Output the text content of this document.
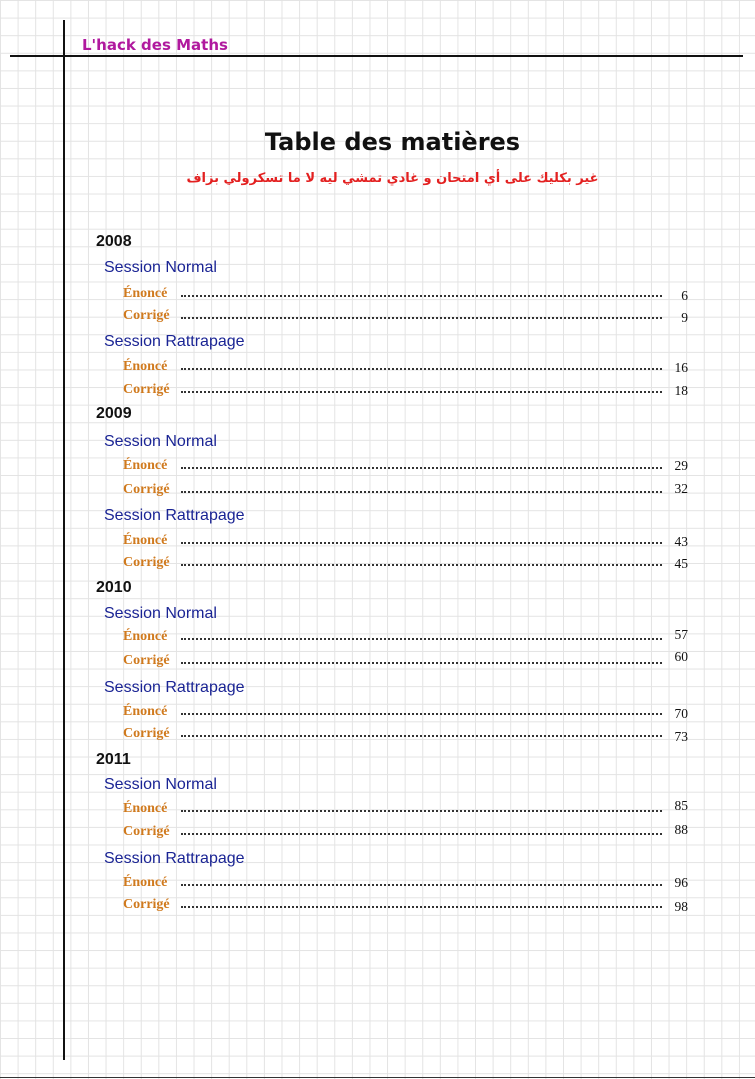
L'hack des Maths
Table des matières
غير بكليك على أي امتحان و غادي تمشي ليه لا ما تسكرولي بزاف
2008
Session Normal
Énoncé	6
Corrigé	9
Session Rattrapage
Énoncé	16
Corrigé	18
2009
Session Normal
Énoncé	29
Corrigé	32
Session Rattrapage
Énoncé	43
Corrigé	45
2010
Session Normal
Énoncé	57
Corrigé	60
Session Rattrapage
Énoncé	70
Corrigé	73
2011
Session Normal
Énoncé	85
Corrigé	88
Session Rattrapage
Énoncé	96
Corrigé	98
